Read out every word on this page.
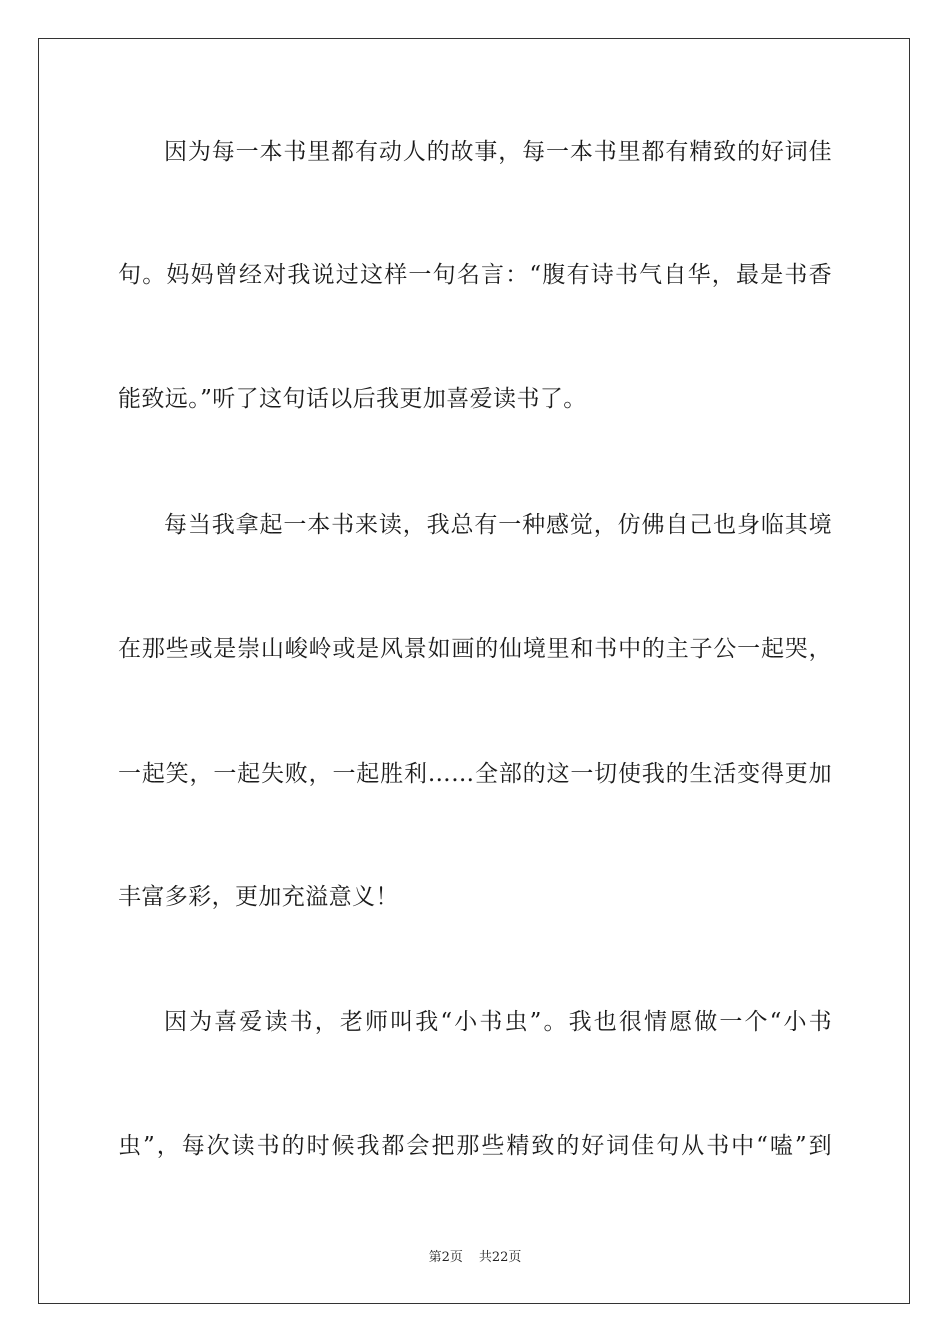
因为每一本书里都有动人的故事，每一本书里都有精致的好词佳
句。妈妈曾经对我说过这样一句名言：“腹有诗书气自华，最是书香
能致远。”听了这句话以后我更加喜爱读书了。
每当我拿起一本书来读，我总有一种感觉，仿佛自己也身临其境
在那些或是崇山峻岭或是风景如画的仙境里和书中的主子公一起哭，
一起笑，一起失败，一起胜利……全部的这一切使我的生活变得更加
丰富多彩，更加充溢意义！
因为喜爱读书，老师叫我“小书虫”。我也很情愿做一个“小书
虫”，每次读书的时候我都会把那些精致的好词佳句从书中“嗑”到
第2页 共22页
